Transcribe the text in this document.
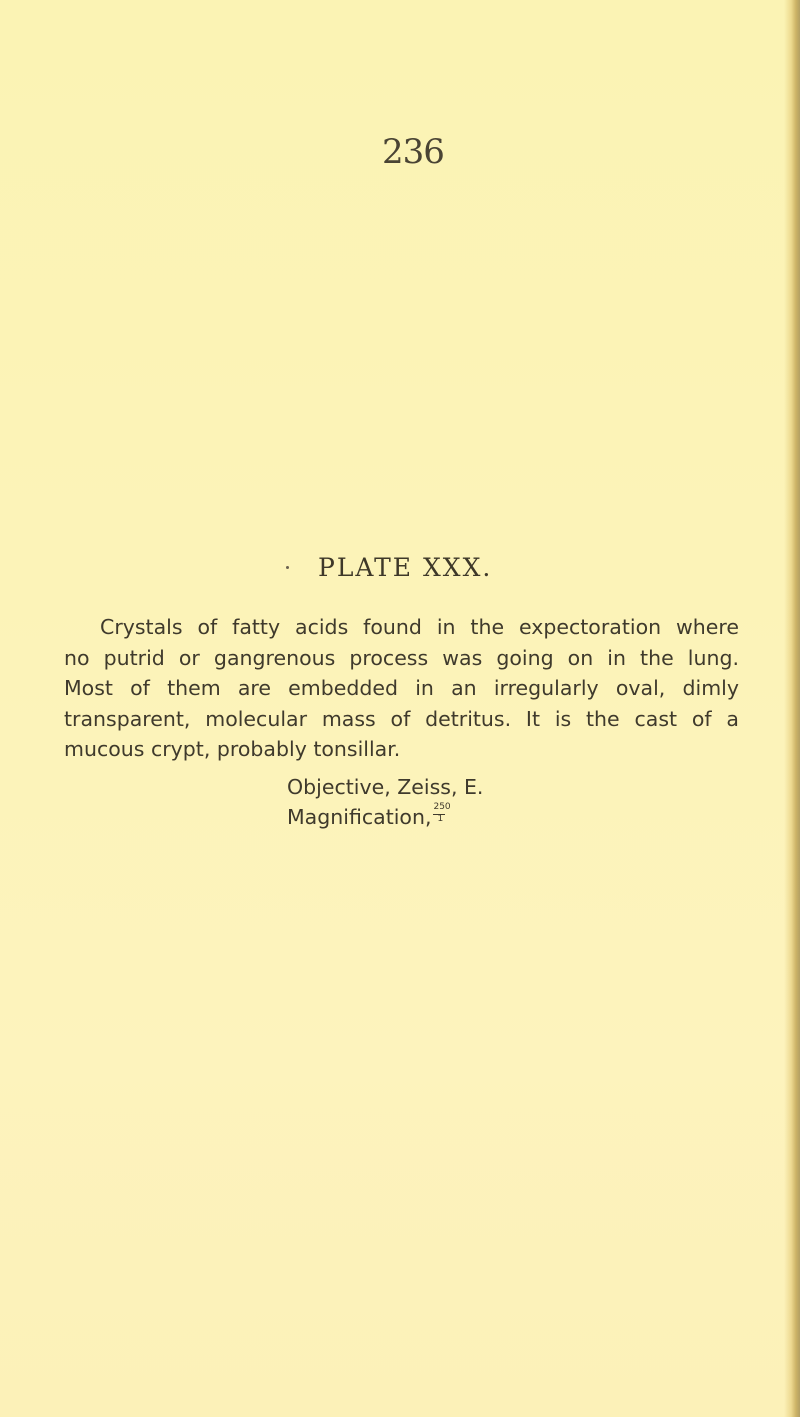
236
PLATE XXX.
Crystals of fatty acids found in the expectoration where
no putrid or gangrenous process was going on in the lung.
Most of them are embedded in an irregularly oval, dimly
transparent, molecular mass of detritus. It is the cast of a
mucous crypt, probably tonsillar.
Objective, Zeiss, E.
Magnification, $\frac{250}{1}$
